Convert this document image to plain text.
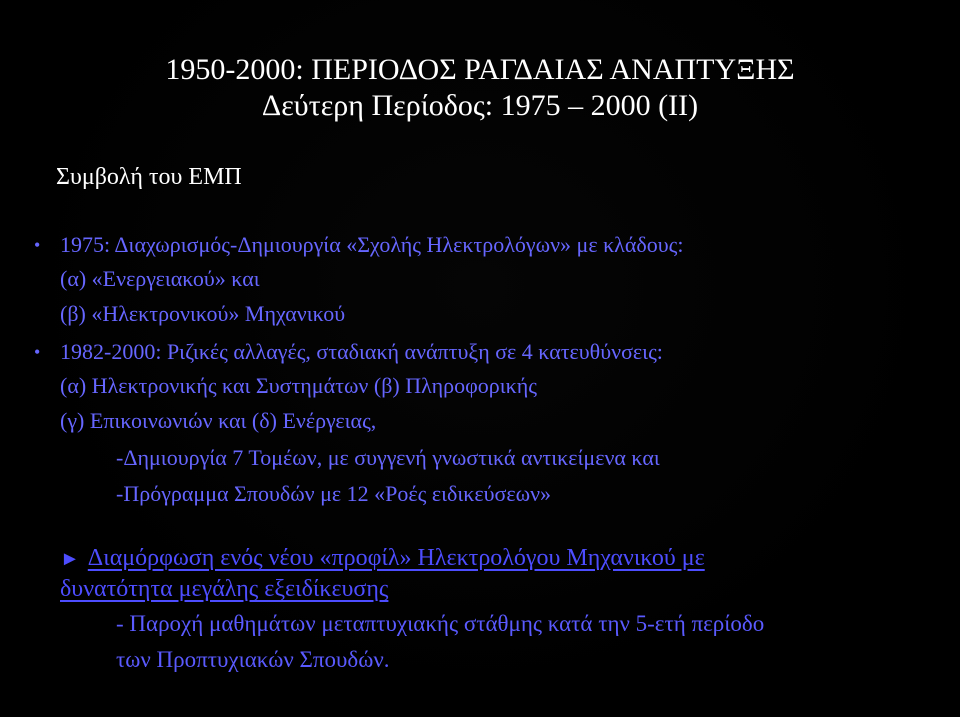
1950-2000: ΠΕΡΙΟΔΟΣ ΡΑΓΔΑΙΑΣ ΑΝΑΠΤΥΞΗΣ
Δεύτερη Περίοδος: 1975 – 2000 (ΙΙ)
Συμβολή του ΕΜΠ
• 1975: Διαχωρισμός-Δημιουργία «Σχολής Ηλεκτρολόγων» με κλάδους:
(α) «Ενεργειακού» και
(β) «Ηλεκτρονικού» Μηχανικού
• 1982-2000: Ριζικές αλλαγές, σταδιακή ανάπτυξη σε 4 κατευθύνσεις:
(α) Ηλεκτρονικής και Συστημάτων (β) Πληροφορικής
(γ) Επικοινωνιών και (δ) Ενέργειας,
-Δημιουργία 7 Τομέων, με συγγενή γνωστικά αντικείμενα και
-Πρόγραμμα Σπουδών με 12 «Ροές ειδικεύσεων»
► Διαμόρφωση ενός νέου «προφίλ» Ηλεκτρολόγου Μηχανικού με
δυνατότητα μεγάλης εξειδίκευσης
- Παροχή μαθημάτων μεταπτυχιακής στάθμης κατά την 5-ετή περίοδο
των Προπτυχιακών Σπουδών.
